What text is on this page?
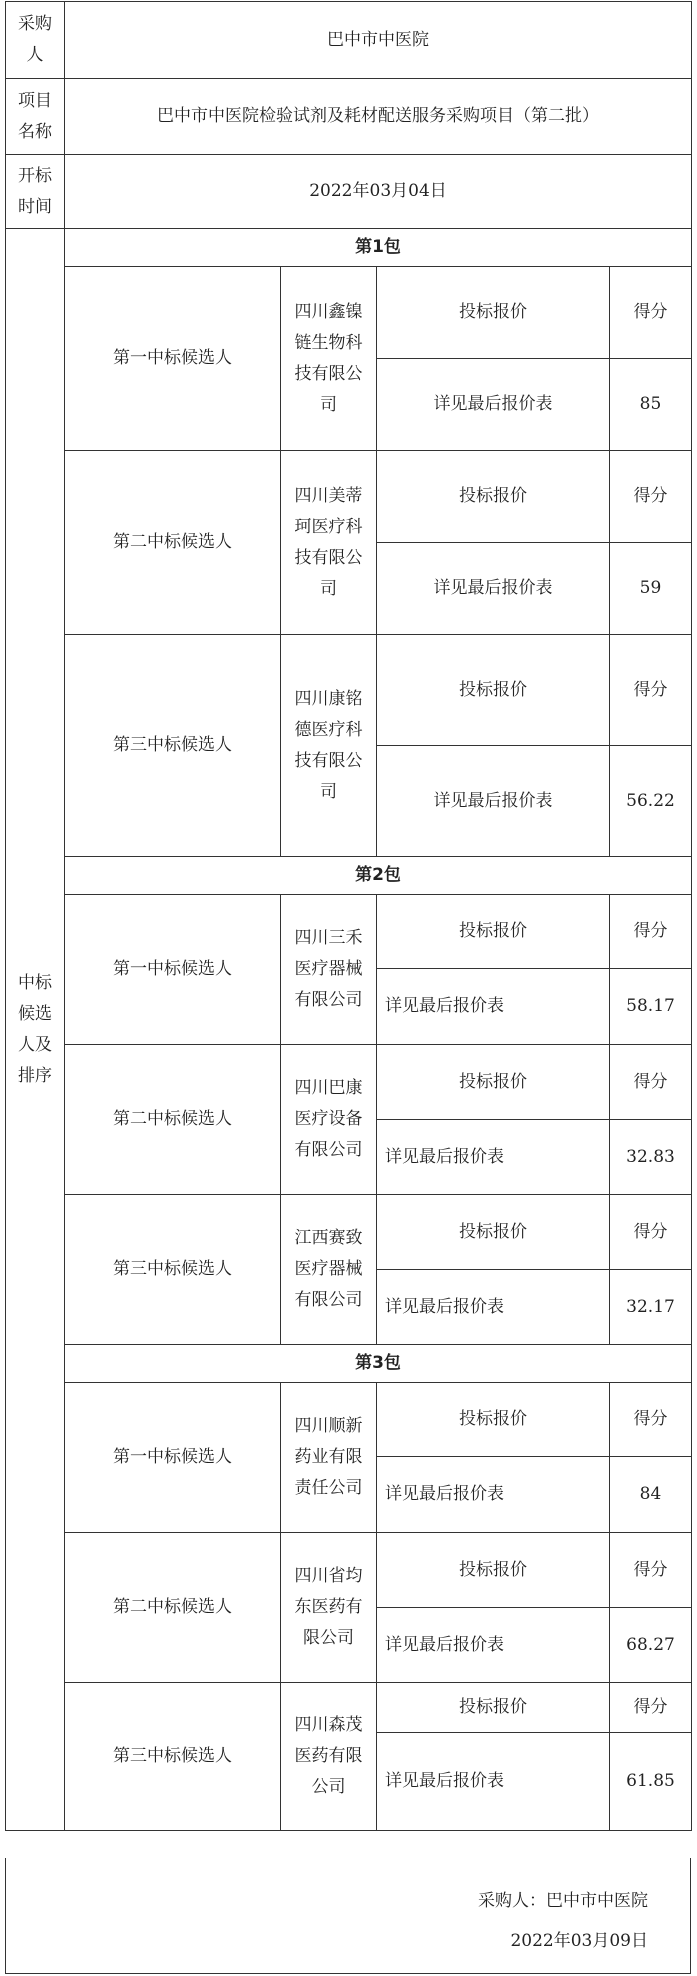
采购人	巴中市中医院			
项目名称	巴中市中医院检验试剂及耗材配送服务采购项目（第二批）			
开标时间	2022年03月04日			
中标候选人及排序	第1包			
	第一中标候选人	四川鑫镍链生物科技有限公司	投标报价	得分
			详见最后报价表	85
	第二中标候选人	四川美蒂珂医疗科技有限公司	投标报价	得分
			详见最后报价表	59
	第三中标候选人	四川康铭德医疗科技有限公司	投标报价	得分
			详见最后报价表	56.22
	第2包			
	第一中标候选人	四川三禾医疗器械有限公司	投标报价	得分
			详见最后报价表	58.17
	第二中标候选人	四川巴康医疗设备有限公司	投标报价	得分
			详见最后报价表	32.83
	第三中标候选人	江西赛致医疗器械有限公司	投标报价	得分
			详见最后报价表	32.17
	第3包			
	第一中标候选人	四川顺新药业有限责任公司	投标报价	得分
			详见最后报价表	84
	第二中标候选人	四川省均东医药有限公司	投标报价	得分
			详见最后报价表	68.27
	第三中标候选人	四川森茂医药有限公司	投标报价	得分
			详见最后报价表	61.85
采购人：巴中市中医院
2022年03月09日
